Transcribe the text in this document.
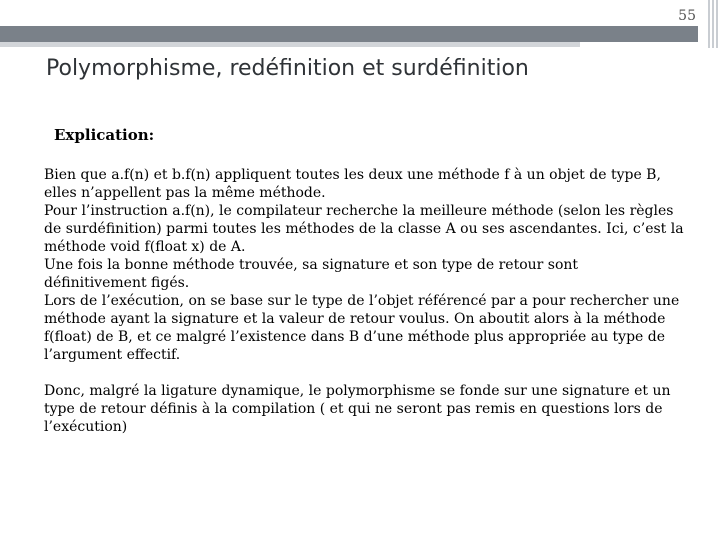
55
Polymorphisme, redéfinition et surdéfinition
Explication:

Bien que a.f(n) et b.f(n) appliquent toutes les deux une méthode f à un objet de type B, elles n’appellent pas la même méthode.

Pour l’instruction a.f(n), le compilateur recherche la meilleure méthode (selon les règles de surdéfinition) parmi toutes les méthodes de la classe A ou ses ascendantes. Ici, c’est la méthode void f(float x) de A.

Une fois la bonne méthode trouvée, sa signature et son type de retour sont définitivement figés.

Lors de l’exécution, on se base sur le type de l’objet référencé par a pour rechercher une méthode ayant la signature et la valeur de retour voulus. On aboutit alors à la méthode f(float) de B, et ce malgré l’existence dans B d’une méthode plus appropriée au type de l’argument effectif.

Donc, malgré la ligature dynamique, le polymorphisme se fonde sur une signature et un type de retour définis à la compilation ( et qui ne seront pas remis en questions lors de l’exécution)
